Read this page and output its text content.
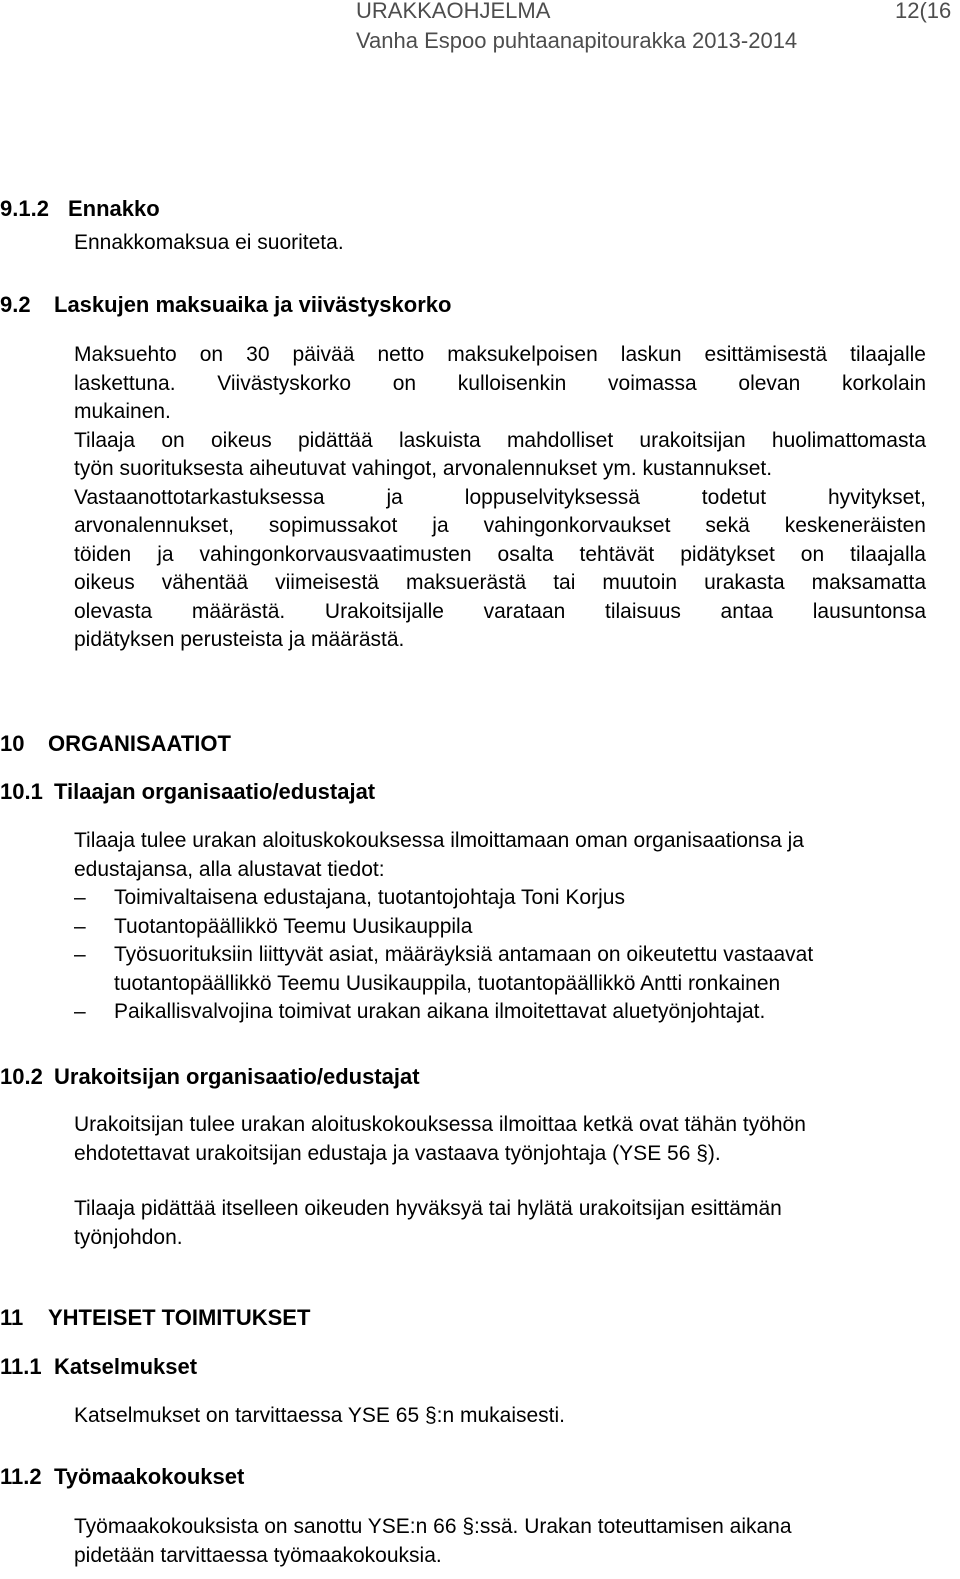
URAKKAOHJELMA	12(16
Vanha Espoo puhtaanapitourakka 2013-2014
9.1.2 Ennakko
Ennakkomaksua ei suoriteta.
9.2 Laskujen maksuaika ja viivästyskorko
Maksuehto on 30 päivää netto maksukelpoisen laskun esittämisestä tilaajalle
laskettuna. Viivästyskorko on kulloisenkin voimassa olevan korkolain
mukainen.
Tilaaja on oikeus pidättää laskuista mahdolliset urakoitsijan huolimattomasta
työn suorituksesta aiheutuvat vahingot, arvonalennukset ym. kustannukset.
Vastaanottotarkastuksessa ja loppuselvityksessä todetut hyvitykset,
arvonalennukset, sopimussakot ja vahingonkorvaukset sekä keskeneräisten
töiden ja vahingonkorvausvaatimusten osalta tehtävät pidätykset on tilaajalla
oikeus vähentää viimeisestä maksuerästä tai muutoin urakasta maksamatta
olevasta määrästä. Urakoitsijalle varataan tilaisuus antaa lausuntonsa
pidätyksen perusteista ja määrästä.
10 ORGANISAATIOT
10.1 Tilaajan organisaatio/edustajat
Tilaaja tulee urakan aloituskokouksessa ilmoittamaan oman organisaationsa ja
edustajansa, alla alustavat tiedot:
– Toimivaltaisena edustajana, tuotantojohtaja Toni Korjus
– Tuotantopäällikkö Teemu Uusikauppila
– Työsuorituksiin liittyvät asiat, määräyksiä antamaan on oikeutettu vastaavat
tuotantopäällikkö Teemu Uusikauppila, tuotantopäällikkö Antti ronkainen
– Paikallisvalvojina toimivat urakan aikana ilmoitettavat aluetyönjohtajat.
10.2 Urakoitsijan organisaatio/edustajat
Urakoitsijan tulee urakan aloituskokouksessa ilmoittaa ketkä ovat tähän työhön
ehdotettavat urakoitsijan edustaja ja vastaava työnjohtaja (YSE 56 §).
Tilaaja pidättää itselleen oikeuden hyväksyä tai hylätä urakoitsijan esittämän
työnjohdon.
11 YHTEISET TOIMITUKSET
11.1 Katselmukset
Katselmukset on tarvittaessa YSE 65 §:n mukaisesti.
11.2 Työmaakokoukset
Työmaakokouksista on sanottu YSE:n 66 §:ssä. Urakan toteuttamisen aikana
pidetään tarvittaessa työmaakokouksia.
